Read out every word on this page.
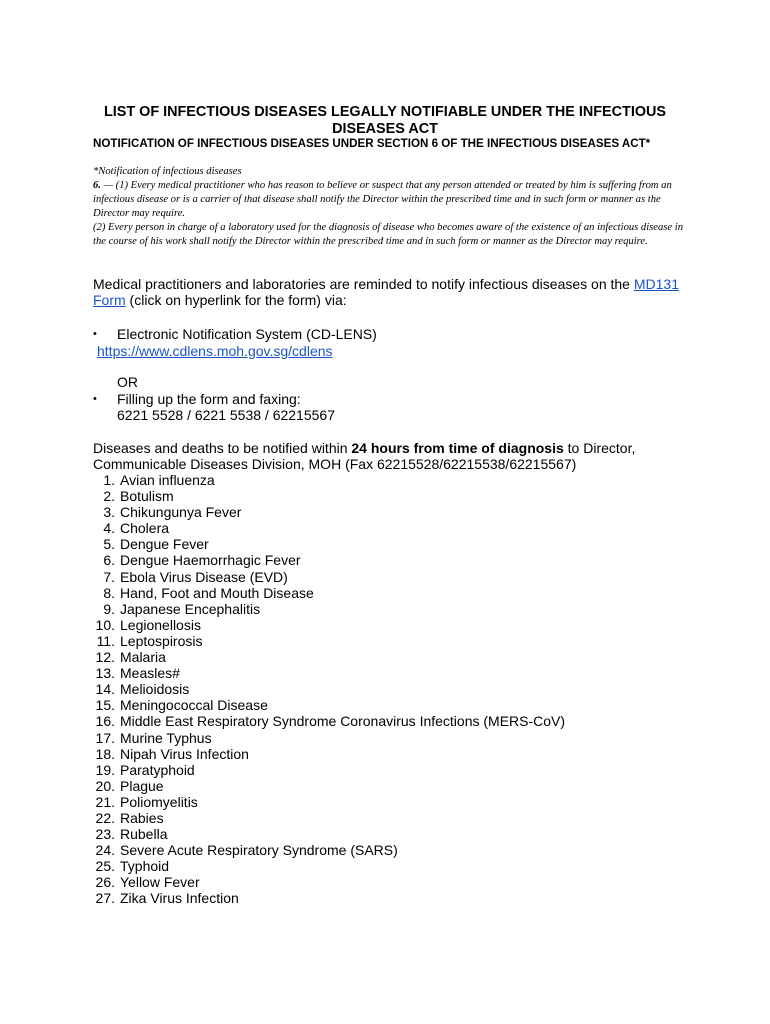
LIST OF INFECTIOUS DISEASES LEGALLY NOTIFIABLE UNDER THE INFECTIOUS
DISEASES ACT
NOTIFICATION OF INFECTIOUS DISEASES UNDER SECTION 6 OF THE INFECTIOUS DISEASES ACT*

*Notification of infectious diseases

6. — (1) Every medical practitioner who has reason to believe or suspect that any person attended or treated by him is suffering from an infectious disease or is a carrier of that disease shall notify the Director within the prescribed time and in such form or manner as the Director may require.

(2) Every person in charge of a laboratory used for the diagnosis of disease who becomes aware of the existence of an infectious disease in the course of his work shall notify the Director within the prescribed time and in such form or manner as the Director may require.

Medical practitioners and laboratories are reminded to notify infectious diseases on the MD131 Form (click on hyperlink for the form) via:

• Electronic Notification System (CD-LENS)
https://www.cdlens.moh.gov.sg/cdlens
OR
• Filling up the form and faxing:
6221 5528 / 6221 5538 / 62215567

Diseases and deaths to be notified within 24 hours from time of diagnosis to Director, Communicable Diseases Division, MOH (Fax 62215528/62215538/62215567)

1. Avian influenza
2. Botulism
3. Chikungunya Fever
4. Cholera
5. Dengue Fever
6. Dengue Haemorrhagic Fever
7. Ebola Virus Disease (EVD)
8. Hand, Foot and Mouth Disease
9. Japanese Encephalitis
10. Legionellosis
11. Leptospirosis
12. Malaria
13. Measles#
14. Melioidosis
15. Meningococcal Disease
16. Middle East Respiratory Syndrome Coronavirus Infections (MERS-CoV)
17. Murine Typhus
18. Nipah Virus Infection
19. Paratyphoid
20. Plague
21. Poliomyelitis
22. Rabies
23. Rubella
24. Severe Acute Respiratory Syndrome (SARS)
25. Typhoid
26. Yellow Fever
27. Zika Virus Infection
